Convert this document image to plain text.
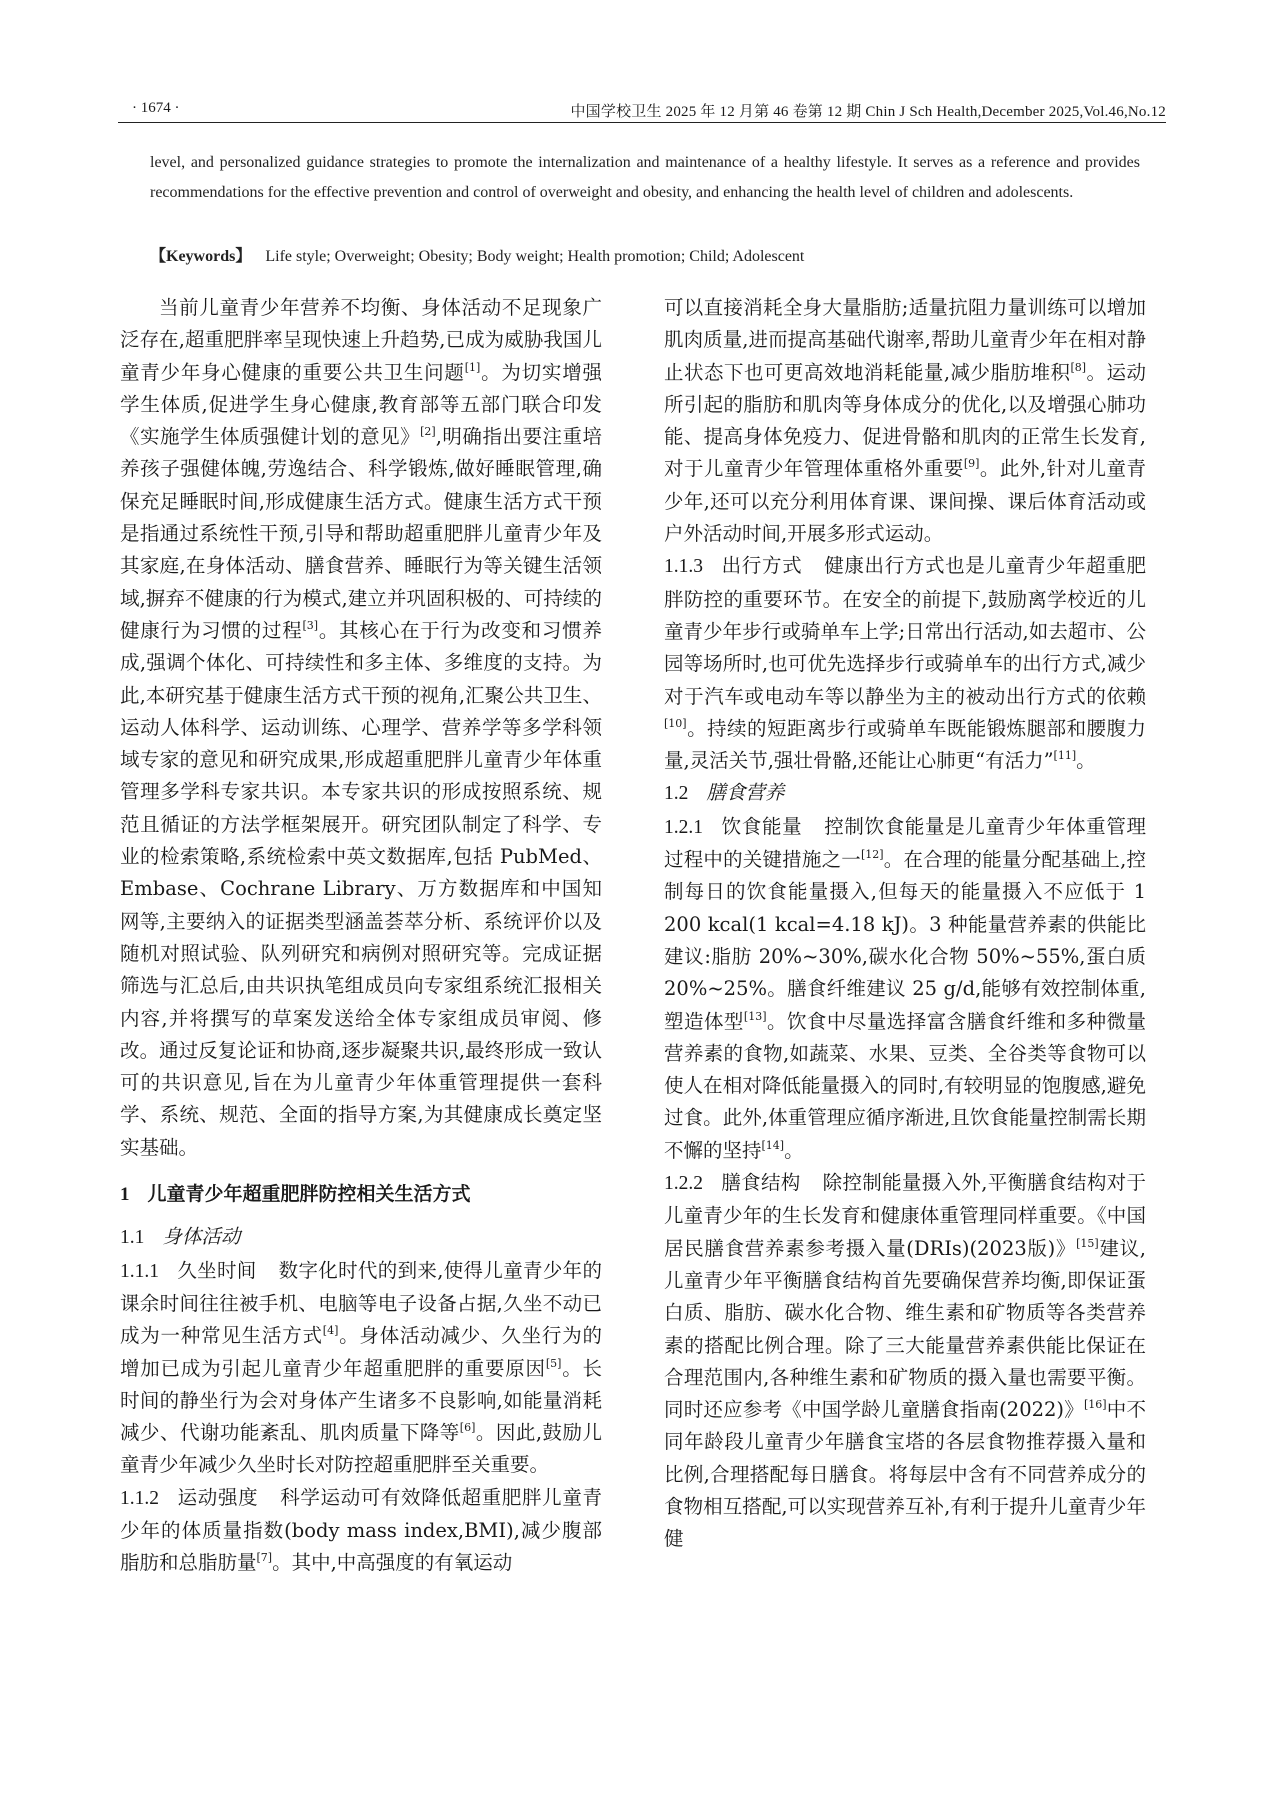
· 1674 ·	中国学校卫生 2025 年 12 月第 46 卷第 12 期 Chin J Sch Health,December 2025,Vol.46,No.12
level, and personalized guidance strategies to promote the internalization and maintenance of a healthy lifestyle. It serves as a reference and provides recommendations for the effective prevention and control of overweight and obesity, and enhancing the health level of children and adolescents.
【Keywords】 Life style; Overweight; Obesity; Body weight; Health promotion; Child; Adolescent

当前儿童青少年营养不均衡、身体活动不足现象广泛存在,超重肥胖率呈现快速上升趋势,已成为威胁我国儿童青少年身心健康的重要公共卫生问题[1]。为切实增强学生体质,促进学生身心健康,教育部等五部门联合印发《实施学生体质强健计划的意见》[2],明确指出要注重培养孩子强健体魄,劳逸结合、科学锻炼,做好睡眠管理,确保充足睡眠时间,形成健康生活方式。健康生活方式干预是指通过系统性干预,引导和帮助超重肥胖儿童青少年及其家庭,在身体活动、膳食营养、睡眠行为等关键生活领域,摒弃不健康的行为模式,建立并巩固积极的、可持续的健康行为习惯的过程[3]。其核心在于行为改变和习惯养成,强调个体化、可持续性和多主体、多维度的支持。为此,本研究基于健康生活方式干预的视角,汇聚公共卫生、运动人体科学、运动训练、心理学、营养学等多学科领域专家的意见和研究成果,形成超重肥胖儿童青少年体重管理多学科专家共识。本专家共识的形成按照系统、规范且循证的方法学框架展开。研究团队制定了科学、专业的检索策略,系统检索中英文数据库,包括 PubMed、Embase、Cochrane Library、万方数据库和中国知网等,主要纳入的证据类型涵盖荟萃分析、系统评价以及随机对照试验、队列研究和病例对照研究等。完成证据筛选与汇总后,由共识执笔组成员向专家组系统汇报相关内容,并将撰写的草案发送给全体专家组成员审阅、修改。通过反复论证和协商,逐步凝聚共识,最终形成一致认可的共识意见,旨在为儿童青少年体重管理提供一套科学、系统、规范、全面的指导方案,为其健康成长奠定坚实基础。

1 儿童青少年超重肥胖防控相关生活方式

1.1 身体活动

1.1.1 久坐时间 数字化时代的到来,使得儿童青少年的课余时间往往被手机、电脑等电子设备占据,久坐不动已成为一种常见生活方式[4]。身体活动减少、久坐行为的增加已成为引起儿童青少年超重肥胖的重要原因[5]。长时间的静坐行为会对身体产生诸多不良影响,如能量消耗减少、代谢功能紊乱、肌肉质量下降等[6]。因此,鼓励儿童青少年减少久坐时长对防控超重肥胖至关重要。

1.1.2 运动强度 科学运动可有效降低超重肥胖儿童青少年的体质量指数(body mass index,BMI),减少腹部脂肪和总脂肪量[7]。其中,中高强度的有氧运动

可以直接消耗全身大量脂肪;适量抗阻力量训练可以增加肌肉质量,进而提高基础代谢率,帮助儿童青少年在相对静止状态下也可更高效地消耗能量,减少脂肪堆积[8]。运动所引起的脂肪和肌肉等身体成分的优化,以及增强心肺功能、提高身体免疫力、促进骨骼和肌肉的正常生长发育,对于儿童青少年管理体重格外重要[9]。此外,针对儿童青少年,还可以充分利用体育课、课间操、课后体育活动或户外活动时间,开展多形式运动。

1.1.3 出行方式 健康出行方式也是儿童青少年超重肥胖防控的重要环节。在安全的前提下,鼓励离学校近的儿童青少年步行或骑单车上学;日常出行活动,如去超市、公园等场所时,也可优先选择步行或骑单车的出行方式,减少对于汽车或电动车等以静坐为主的被动出行方式的依赖[10]。持续的短距离步行或骑单车既能锻炼腿部和腰腹力量,灵活关节,强壮骨骼,还能让心肺更“有活力”[11]。

1.2 膳食营养

1.2.1 饮食能量 控制饮食能量是儿童青少年体重管理过程中的关键措施之一[12]。在合理的能量分配基础上,控制每日的饮食能量摄入,但每天的能量摄入不应低于 1 200 kcal(1 kcal=4.18 kJ)。3 种能量营养素的供能比建议:脂肪 20%~30%,碳水化合物 50%~55%,蛋白质 20%~25%。膳食纤维建议 25 g/d,能够有效控制体重,塑造体型[13]。饮食中尽量选择富含膳食纤维和多种微量营养素的食物,如蔬菜、水果、豆类、全谷类等食物可以使人在相对降低能量摄入的同时,有较明显的饱腹感,避免过食。此外,体重管理应循序渐进,且饮食能量控制需长期不懈的坚持[14]。

1.2.2 膳食结构 除控制能量摄入外,平衡膳食结构对于儿童青少年的生长发育和健康体重管理同样重要。《中国居民膳食营养素参考摄入量(DRIs)(2023版)》[15]建议,儿童青少年平衡膳食结构首先要确保营养均衡,即保证蛋白质、脂肪、碳水化合物、维生素和矿物质等各类营养素的搭配比例合理。除了三大能量营养素供能比保证在合理范围内,各种维生素和矿物质的摄入量也需要平衡。同时还应参考《中国学龄儿童膳食指南(2022)》[16]中不同年龄段儿童青少年膳食宝塔的各层食物推荐摄入量和比例,合理搭配每日膳食。将每层中含有不同营养成分的食物相互搭配,可以实现营养互补,有利于提升儿童青少年健
